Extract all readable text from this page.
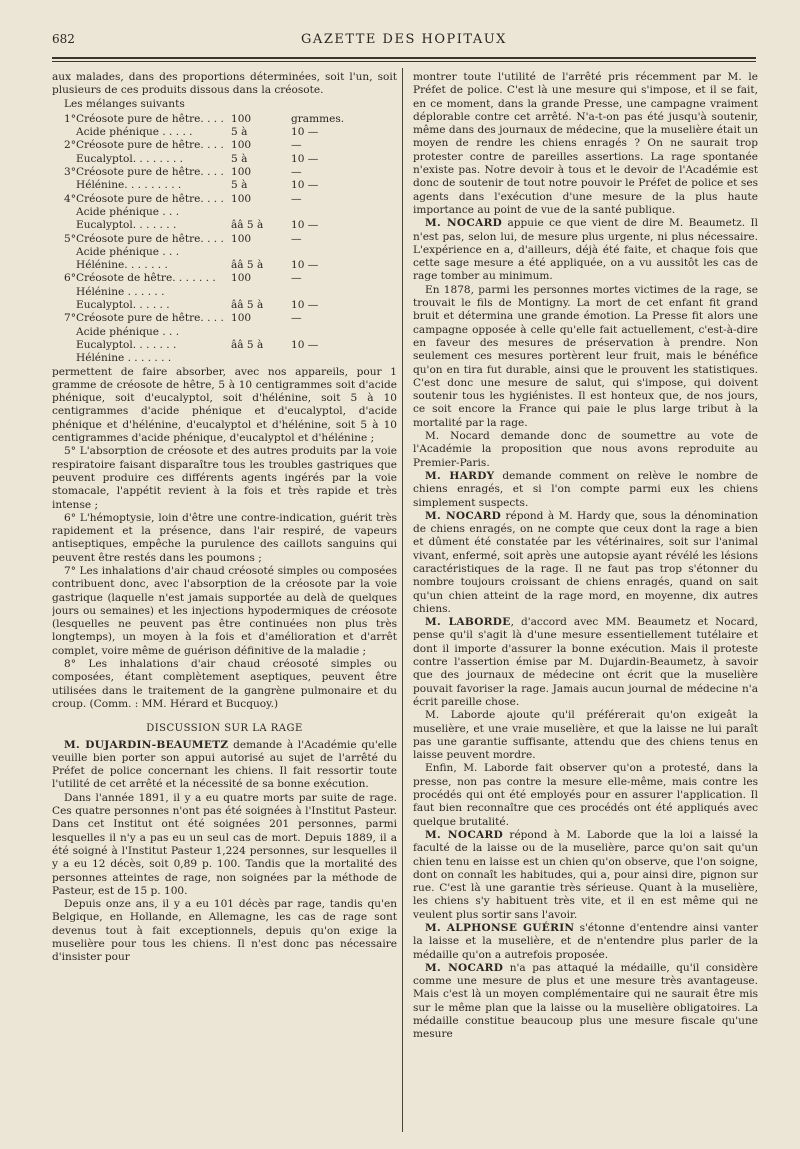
682	GAZETTE DES HOPITAUX

aux malades, dans des proportions déterminées, soit l'un, soit plusieurs de ces produits dissous dans la créosote.

Les mélanges suivants

1° Créosote pure de hêtre. . . . 100	grammes.
Acide phénique . . . . .	5 à	10 —
2° Créosote pure de hêtre. . . . 100	—
Eucalyptol. . . . . . . .	5 à	10 —
3° Créosote pure de hêtre. . . . 100	—
Hélénine. . . . . . . . .	5 à	10 —
4° Créosote pure de hêtre. . . . 100	—
Acide phénique . . .
Eucalyptol. . . . . . .	ââ 5 à	10 —
5° Créosote pure de hêtre. . . . 100	—
Acide phénique . . .
Hélénine. . . . . . .	ââ 5 à	10 —
6° Créosote de hêtre. . . . . . .	100	—
Hélénine . . . . . .
Eucalyptol. . . . . .	ââ 5 à	10 —
7° Créosote pure de hêtre. . . . 100	—
Acide phénique . . .
Eucalyptol. . . . . . .	ââ 5 à	10 —
Hélénine . . . . . . .

permettent de faire absorber, avec nos appareils, pour 1 gramme de créosote de hêtre, 5 à 10 centigrammes soit d'acide phénique, soit d'eucalyptol, soit d'hélénine, soit 5 à 10 centigrammes d'acide phénique et d'eucalyptol, d'acide phénique et d'hélénine, d'eucalyptol et d'hélénine, soit 5 à 10 centigrammes d'acide phénique, d'eucalyptol et d'hélénine ;

5° L'absorption de créosote et des autres produits par la voie respiratoire faisant disparaître tous les troubles gastriques que peuvent produire ces différents agents ingérés par la voie stomacale, l'appétit revient à la fois et très rapide et très intense ;

6° L'hémoptysie, loin d'être une contre-indication, guérit très rapidement et la présence, dans l'air respiré, de vapeurs antiseptiques, empêche la purulence des caillots sanguins qui peuvent être restés dans les poumons ;

7° Les inhalations d'air chaud créosoté simples ou composées contribuent donc, avec l'absorption de la créosote par la voie gastrique (laquelle n'est jamais supportée au delà de quelques jours ou semaines) et les injections hypodermiques de créosote (lesquelles ne peuvent pas être continuées non plus très longtemps), un moyen à la fois et d'amélioration et d'arrêt complet, voire même de guérison définitive de la maladie ;

8° Les inhalations d'air chaud créosoté simples ou composées, étant complètement aseptiques, peuvent être utilisées dans le traitement de la gangrène pulmonaire et du croup. (Comm. : MM. Hérard et Bucquoy.)

DISCUSSION SUR LA RAGE

M. DUJARDIN-BEAUMETZ demande à l'Académie qu'elle veuille bien porter son appui autorisé au sujet de l'arrêté du Préfet de police concernant les chiens. Il fait ressortir toute l'utilité de cet arrêté et la nécessité de sa bonne exécution.

Dans l'année 1891, il y a eu quatre morts par suite de rage. Ces quatre personnes n'ont pas été soignées à l'Institut Pasteur. Dans cet Institut ont été soignées 201 personnes, parmi lesquelles il n'y a pas eu un seul cas de mort. Depuis 1889, il a été soigné à l'Institut Pasteur 1,224 personnes, sur lesquelles il y a eu 12 décès, soit 0,89 p. 100. Tandis que la mortalité des personnes atteintes de rage, non soignées par la méthode de Pasteur, est de 15 p. 100.

Depuis onze ans, il y a eu 101 décès par rage, tandis qu'en Belgique, en Hollande, en Allemagne, les cas de rage sont devenus tout à fait exceptionnels, depuis qu'on exige la muselière pour tous les chiens. Il n'est donc pas nécessaire d'insister pour

montrer toute l'utilité de l'arrêté pris récemment par M. le Préfet de police. C'est là une mesure qui s'impose, et il se fait, en ce moment, dans la grande Presse, une campagne vraiment déplorable contre cet arrêté. N'a-t-on pas été jusqu'à soutenir, même dans des journaux de médecine, que la muselière était un moyen de rendre les chiens enragés ? On ne saurait trop protester contre de pareilles assertions. La rage spontanée n'existe pas. Notre devoir à tous et le devoir de l'Académie est donc de soutenir de tout notre pouvoir le Préfet de police et ses agents dans l'exécution d'une mesure de la plus haute importance au point de vue de la santé publique.

M. NOCARD appuie ce que vient de dire M. Beaumetz. Il n'est pas, selon lui, de mesure plus urgente, ni plus nécessaire. L'expérience en a, d'ailleurs, déjà été faite, et chaque fois que cette sage mesure a été appliquée, on a vu aussitôt les cas de rage tomber au minimum.

En 1878, parmi les personnes mortes victimes de la rage, se trouvait le fils de Montigny. La mort de cet enfant fit grand bruit et détermina une grande émotion. La Presse fit alors une campagne opposée à celle qu'elle fait actuellement, c'est-à-dire en faveur des mesures de préservation à prendre. Non seulement ces mesures portèrent leur fruit, mais le bénéfice qu'on en tira fut durable, ainsi que le prouvent les statistiques. C'est donc une mesure de salut, qui s'impose, qui doivent soutenir tous les hygiénistes. Il est honteux que, de nos jours, ce soit encore la France qui paie le plus large tribut à la mortalité par la rage.

M. Nocard demande donc de soumettre au vote de l'Académie la proposition que nous avons reproduite au Premier-Paris.

M. HARDY demande comment on relève le nombre de chiens enragés, et si l'on compte parmi eux les chiens simplement suspects.

M. NOCARD répond à M. Hardy que, sous la dénomination de chiens enragés, on ne compte que ceux dont la rage a bien et dûment été constatée par les vétérinaires, soit sur l'animal vivant, enfermé, soit après une autopsie ayant révélé les lésions caractéristiques de la rage. Il ne faut pas trop s'étonner du nombre toujours croissant de chiens enragés, quand on sait qu'un chien atteint de la rage mord, en moyenne, dix autres chiens.

M. LABORDE, d'accord avec MM. Beaumetz et Nocard, pense qu'il s'agit là d'une mesure essentiellement tutélaire et dont il importe d'assurer la bonne exécution. Mais il proteste contre l'assertion émise par M. Dujardin-Beaumetz, à savoir que des journaux de médecine ont écrit que la muselière pouvait favoriser la rage. Jamais aucun journal de médecine n'a écrit pareille chose.

M. Laborde ajoute qu'il préférerait qu'on exigeât la muselière, et une vraie muselière, et que la laisse ne lui paraît pas une garantie suffisante, attendu que des chiens tenus en laisse peuvent mordre.

Enfin, M. Laborde fait observer qu'on a protesté, dans la presse, non pas contre la mesure elle-même, mais contre les procédés qui ont été employés pour en assurer l'application. Il faut bien reconnaître que ces procédés ont été appliqués avec quelque brutalité.

M. NOCARD répond à M. Laborde que la loi a laissé la faculté de la laisse ou de la muselière, parce qu'on sait qu'un chien tenu en laisse est un chien qu'on observe, que l'on soigne, dont on connaît les habitudes, qui a, pour ainsi dire, pignon sur rue. C'est là une garantie très sérieuse. Quant à la muselière, les chiens s'y habituent très vite, et il en est même qui ne veulent plus sortir sans l'avoir.

M. ALPHONSE GUÉRIN s'étonne d'entendre ainsi vanter la laisse et la muselière, et de n'entendre plus parler de la médaille qu'on a autrefois proposée.

M. NOCARD n'a pas attaqué la médaille, qu'il considère comme une mesure de plus et une mesure très avantageuse. Mais c'est là un moyen complémentaire qui ne saurait être mis sur le même plan que la laisse ou la muselière obligatoires. La médaille constitue beaucoup plus une mesure fiscale qu'une mesure
